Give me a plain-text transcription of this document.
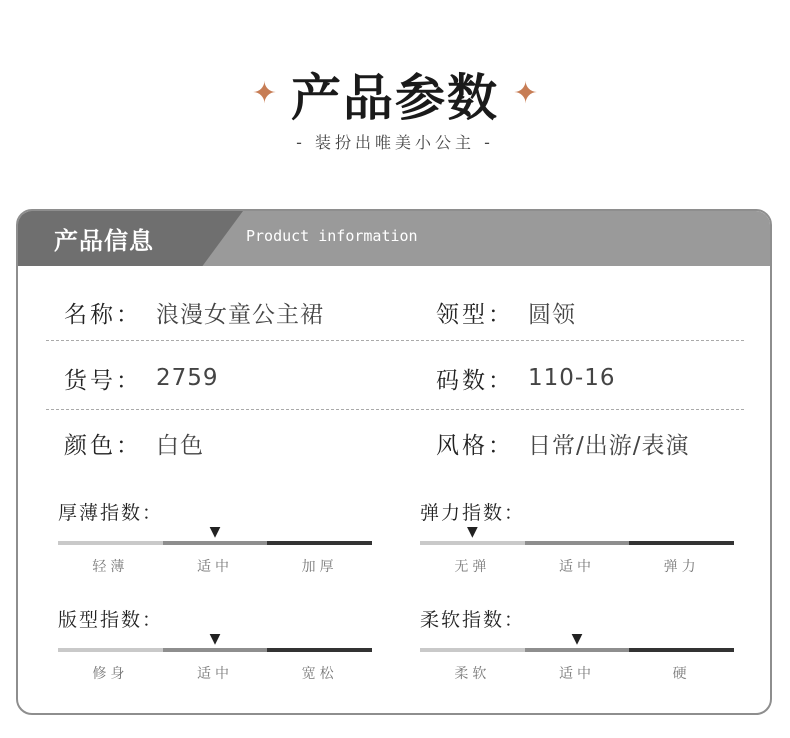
✦ 产品参数 ✦
- 装扮出唯美小公主 -
产品信息	Product information
名称： 浪漫女童公主裙	领型： 圆领
货号： 2759	码数： 110-16
颜色： 白色	风格： 日常/出游/表演
厚薄指数：
▼
轻薄	适中	加厚
弹力指数：
▼
无弹	适中	弹力
版型指数：
▼
修身	适中	宽松
柔软指数：
▼
柔软	适中	硬
